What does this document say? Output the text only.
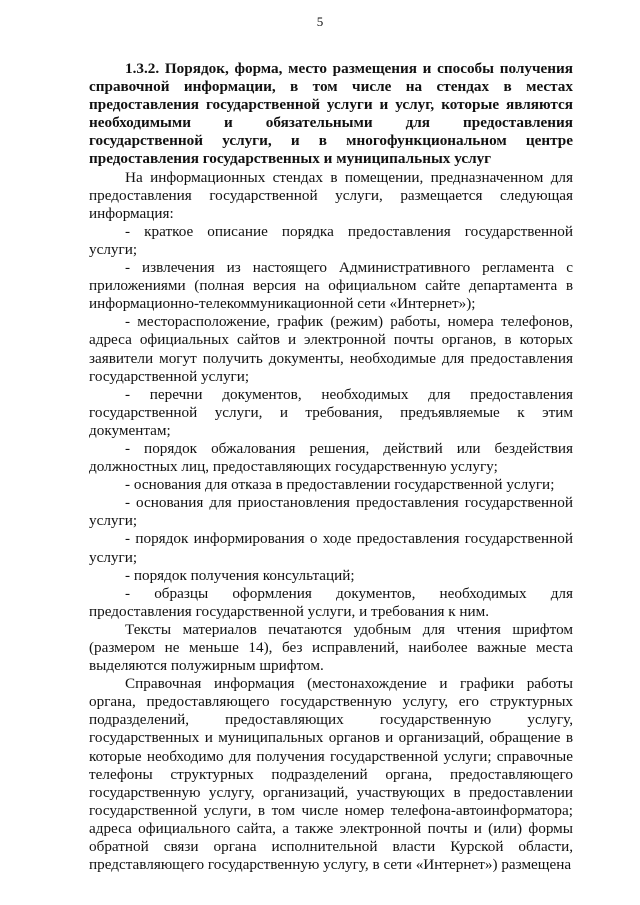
5

1.3.2. Порядок, форма, место размещения и способы получения справочной информации, в том числе на стендах в местах предоставления государственной услуги и услуг, которые являются необходимыми и обязательными для предоставления государственной услуги, и в многофункциональном центре предоставления государственных и муниципальных услуг

На информационных стендах в помещении, предназначенном для предоставления государственной услуги, размещается следующая информация:

- краткое описание порядка предоставления государственной услуги;

- извлечения из настоящего Административного регламента с приложениями (полная версия на официальном сайте департамента в информационно-телекоммуникационной сети «Интернет»);

- месторасположение, график (режим) работы, номера телефонов, адреса официальных сайтов и электронной почты органов, в которых заявители могут получить документы, необходимые для предоставления государственной услуги;

- перечни документов, необходимых для предоставления государственной услуги, и требования, предъявляемые к этим документам;

- порядок обжалования решения, действий или бездействия должностных лиц, предоставляющих государственную услугу;

- основания для отказа в предоставлении государственной услуги;

- основания для приостановления предоставления государственной услуги;

- порядок информирования о ходе предоставления государственной услуги;

- порядок получения консультаций;

- образцы оформления документов, необходимых для предоставления государственной услуги, и требования к ним.

Тексты материалов печатаются удобным для чтения шрифтом (размером не меньше 14), без исправлений, наиболее важные места выделяются полужирным шрифтом.

Справочная информация (местонахождение и графики работы органа, предоставляющего государственную услугу, его структурных подразделений, предоставляющих государственную услугу, государственных и муниципальных органов и организаций, обращение в которые необходимо для получения государственной услуги; справочные телефоны структурных подразделений органа, предоставляющего государственную услугу, организаций, участвующих в предоставлении государственной услуги, в том числе номер телефона-автоинформатора; адреса официального сайта, а также электронной почты и (или) формы обратной связи органа исполнительной власти Курской области, представляющего государственную услугу, в сети «Интернет») размещена
